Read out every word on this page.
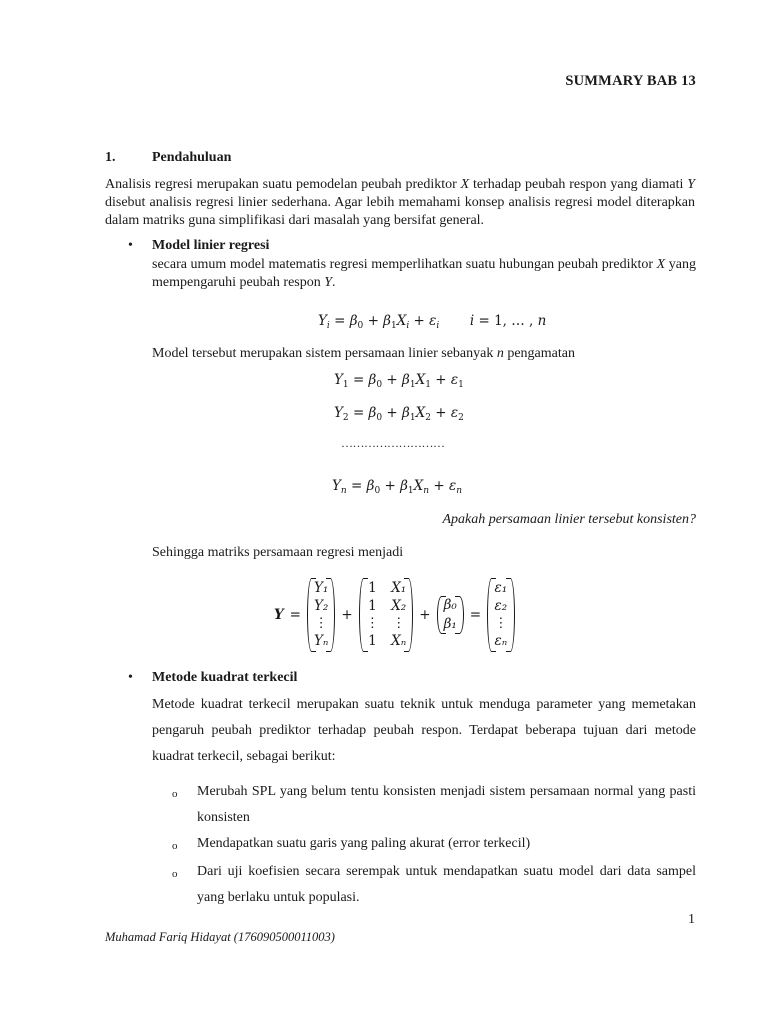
SUMMARY BAB 13
1.	Pendahuluan

Analisis regresi merupakan suatu pemodelan peubah prediktor X terhadap peubah respon yang diamati Y disebut analisis regresi linier sederhana. Agar lebih memahami konsep analisis regresi model diterapkan dalam matriks guna simplifikasi dari masalah yang bersifat general.

• Model linier regresi

secara umum model matematis regresi memperlihatkan suatu hubungan peubah prediktor X yang mempengaruhi peubah respon Y.

$Y_i = \beta_0 + \beta_1X_i + \varepsilon_i$  i = 1, … , n

Model tersebut merupakan sistem persamaan linier sebanyak n pengamatan

$Y_1 = \beta_0 + \beta_1X_1 + \varepsilon_1$
$Y_2 = \beta_0 + \beta_1X_2 + \varepsilon_2$
………………………
$Y_n = \beta_0 + \beta_1X_n + \varepsilon_n$
Apakah persamaan linier tersebut konsisten?
Sehingga matriks persamaan regresi menjadi
Y =
Y₁
Y₂
⋮
Yₙ
+
1
1
⋮
1
X₁
X₂
⋮
Xₙ
+
β₀
β₁
=
ε₁
ε₂
⋮
εₙ
• Metode kuadrat terkecil

Metode kuadrat terkecil merupakan suatu teknik untuk menduga parameter yang memetakan pengaruh peubah prediktor terhadap peubah respon. Terdapat beberapa tujuan dari metode kuadrat terkecil, sebagai berikut:

o Merubah SPL yang belum tentu konsisten menjadi sistem persamaan normal yang pasti konsisten

o Mendapatkan suatu garis yang paling akurat (error terkecil)

o Dari uji koefisien secara serempak untuk mendapatkan suatu model dari data sampel yang berlaku untuk populasi.

1
Muhamad Fariq Hidayat (176090500011003)
